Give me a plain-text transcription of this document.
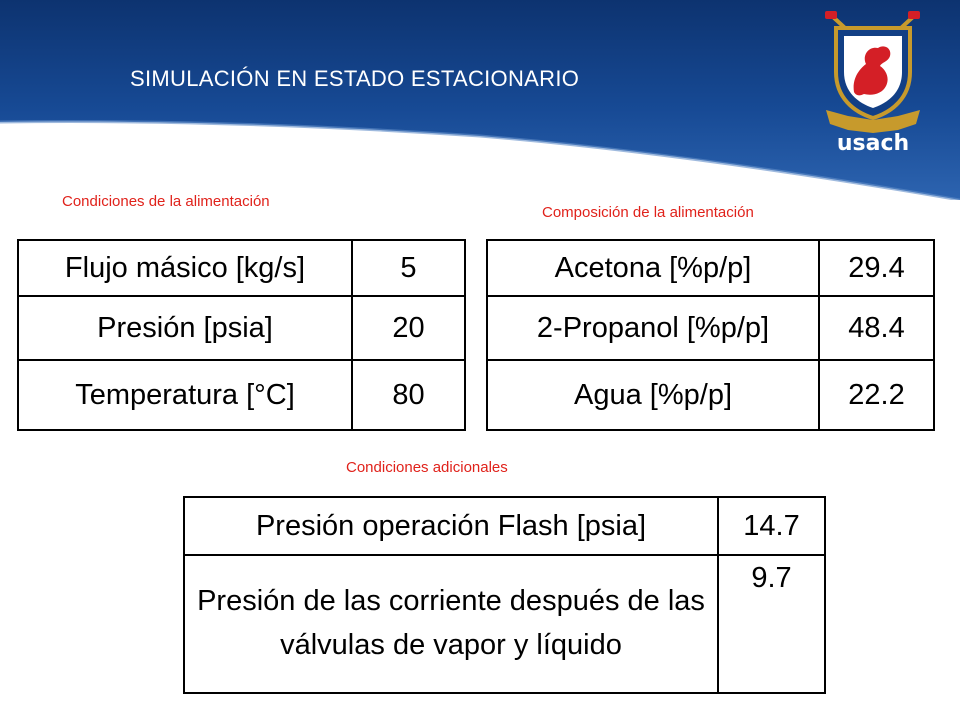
SIMULACIÓN EN ESTADO ESTACIONARIO
usach
Condiciones de la alimentación
Composición de la alimentación
Condiciones adicionales
Flujo másico [kg/s]	5
Presión [psia]	20
Temperatura [°C]	80
Acetona [%p/p]	29.4
2-Propanol [%p/p]	48.4
Agua [%p/p]	22.2
Presión operación Flash [psia]	14.7
Presión de las corriente después de las válvulas de vapor y líquido	9.7
